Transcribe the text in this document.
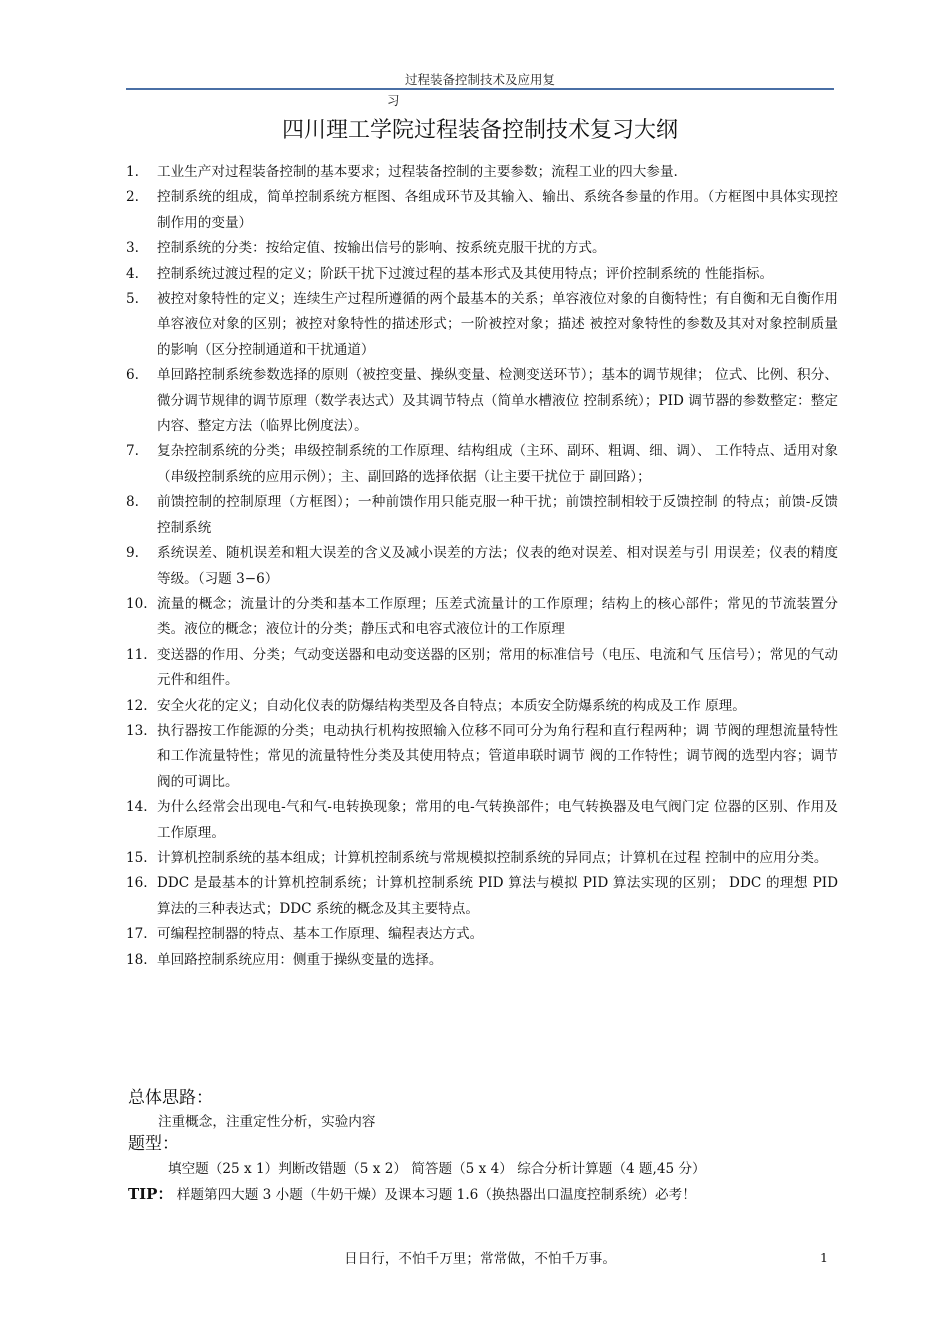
过程装备控制技术及应用复
习
四川理工学院过程装备控制技术复习大纲
1.	工业生产对过程装备控制的基本要求；过程装备控制的主要参数；流程工业的四大参量.
2.	控制系统的组成，简单控制系统方框图、各组成环节及其输入、输出、系统各参量的作用。（方框图中具体实现控制作用的变量）
3.	控制系统的分类：按给定值、按输出信号的影响、按系统克服干扰的方式。
4.	控制系统过渡过程的定义；阶跃干扰下过渡过程的基本形式及其使用特点；评价控制系统的 性能指标。
5.	被控对象特性的定义；连续生产过程所遵循的两个最基本的关系；单容液位对象的自衡特性；有自衡和无自衡作用单容液位对象的区别；被控对象特性的描述形式；一阶被控对象；描述 被控对象特性的参数及其对对象控制质量的影响（区分控制通道和干扰通道）
6.	单回路控制系统参数选择的原则（被控变量、操纵变量、检测变送环节）；基本的调节规律； 位式、比例、积分、微分调节规律的调节原理（数学表达式）及其调节特点（简单水槽液位 控制系统）；PID 调节器的参数整定：整定内容、整定方法（临界比例度法）。
7.	复杂控制系统的分类；串级控制系统的工作原理、结构组成（主环、副环、粗调、细、调）、 工作特点、适用对象（串级控制系统的应用示例）；主、副回路的选择依据（让主要干扰位于 副回路）；
8.	前馈控制的控制原理（方框图）；一种前馈作用只能克服一种干扰；前馈控制相较于反馈控制 的特点；前馈-反馈控制系统
9.	系统误差、随机误差和粗大误差的含义及减小误差的方法；仪表的绝对误差、相对误差与引 用误差；仪表的精度等级。（习题 3−6）
10. 流量的概念；流量计的分类和基本工作原理；压差式流量计的工作原理；结构上的核心部件；常见的节流装置分类。液位的概念；液位计的分类；静压式和电容式液位计的工作原理
11. 变送器的作用、分类；气动变送器和电动变送器的区别；常用的标准信号（电压、电流和气 压信号）；常见的气动元件和组件。
12. 安全火花的定义；自动化仪表的防爆结构类型及各自特点；本质安全防爆系统的构成及工作 原理。
13. 执行器按工作能源的分类；电动执行机构按照输入位移不同可分为角行程和直行程两种；调 节阀的理想流量特性和工作流量特性；常见的流量特性分类及其使用特点；管道串联时调节 阀的工作特性；调节阀的选型内容；调节阀的可调比。
14. 为什么经常会出现电-气和气-电转换现象；常用的电-气转换部件；电气转换器及电气阀门定 位器的区别、作用及工作原理。
15. 计算机控制系统的基本组成；计算机控制系统与常规模拟控制系统的异同点；计算机在过程 控制中的应用分类。
16. DDC 是最基本的计算机控制系统；计算机控制系统 PID 算法与模拟 PID 算法实现的区别； DDC 的理想 PID 算法的三种表达式；DDC 系统的概念及其主要特点。
17. 可编程控制器的特点、基本工作原理、编程表达方式。
18. 单回路控制系统应用：侧重于操纵变量的选择。
总体思路：
注重概念，注重定性分析，实验内容
题型：
填空题（25 x 1）判断改错题（5 x 2） 简答题（5 x 4） 综合分析计算题（4 题,45 分）
TIP： 样题第四大题 3 小题（牛奶干燥）及课本习题 1.6（换热器出口温度控制系统）必考！
日日行，不怕千万里；常常做，不怕千万事。	1
